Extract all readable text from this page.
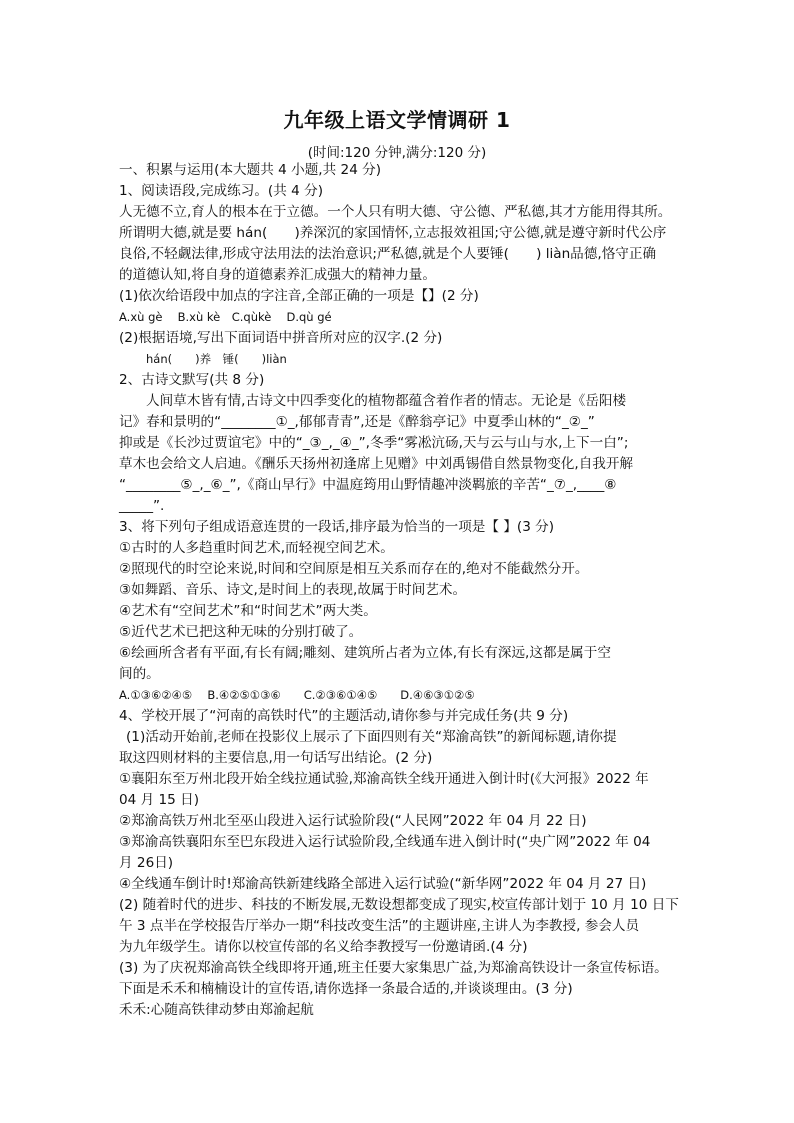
九年级上语文学情调研 1
(时间:120 分钟,满分:120 分)
一、积累与运用(本大题共 4 小题,共 24 分)
1、阅读语段,完成练习。(共 4 分)
人无德不立,育人的根本在于立德。一个人只有明大德、守公德、严私德,其才方能用得其所。
所谓明大德,就是要 hán(　　)养深沉的家国情怀,立志报效祖国;守公德,就是遵守新时代公序
良俗,不轻觑法律,形成守法用法的法治意识;严私德,就是个人要锤(　　) liàn品德,恪守正确
的道德认知,将自身的道德素养汇成强大的精神力量。
(1)依次给语段中加点的字注音,全部正确的一项是【】(2 分)
A.xù gè　 B.xù kè　C.qùkè　 D.qù gé
(2)根据语境,写出下面词语中拼音所对应的汉字.(2 分)
hán(　　)养　锤(　　)liàn
2、古诗文默写(共 8 分)
人间草木皆有情,古诗文中四季变化的植物都蕴含着作者的情志。无论是《岳阳楼
记》春和景明的“________①_,郁郁青青”,还是《醉翁亭记》中夏季山林的“_②_”
抑或是《长沙过贾谊宅》中的“_③_,_④_”,冬季“雾凇沆砀,天与云与山与水,上下一白”;
草木也会给文人启迪。《酬乐天扬州初逢席上见赠》中刘禹锡借自然景物变化,自我开解
“________⑤_,_⑥_”,《商山早行》中温庭筠用山野情趣冲淡羁旅的辛苦“_⑦_,____⑧
_____”.
3、将下列句子组成语意连贯的一段话,排序最为恰当的一项是【 】(3 分)
①古时的人多趋重时间艺术,而轻视空间艺术。
②照现代的时空论来说,时间和空间原是相互关系而存在的,绝对不能截然分开。
③如舞蹈、音乐、诗文,是时间上的表现,故属于时间艺术。
④艺术有“空间艺术”和“时间艺术”两大类。
⑤近代艺术已把这种无味的分别打破了。
⑥绘画所含者有平面,有长有阔;雕刻、建筑所占者为立体,有长有深远,这都是属于空
间的。
A.①③⑥②④⑤　 B.④②⑤①③⑥　　C.②③⑥①④⑤　　D.④⑥③①②⑤
4、学校开展了“河南的高铁时代”的主题活动,请你参与并完成任务(共 9 分)
(1)活动开始前,老师在投影仪上展示了下面四则有关“郑渝高铁”的新闻标题,请你提
取这四则材料的主要信息,用一句话写出结论。(2 分)
①襄阳东至万州北段开始全线拉通试验,郑渝高铁全线开通进入倒计时(《大河报》2022 年
04 月 15 日)
②郑渝高铁万州北至巫山段进入运行试验阶段(“人民网”2022 年 04 月 22 日)
③郑渝高铁襄阳东至巴东段进入运行试验阶段,全线通车进入倒计时(“央广网”2022 年 04
月 26日)
④全线通车倒计时!郑渝高铁新建线路全部进入运行试验(“新华网”2022 年 04 月 27 日)
(2) 随着时代的进步、科技的不断发展,无数设想都变成了现实,校宣传部计划于 10 月 10 日下
午 3 点半在学校报告厅举办一期“科技改变生活”的主题讲座,主讲人为李教授, 参会人员
为九年级学生。请你以校宣传部的名义给李教授写一份邀请函.(4 分)
(3) 为了庆祝郑渝高铁全线即将开通,班主任要大家集思广益,为郑渝高铁设计一条宣传标语。
下面是禾禾和楠楠设计的宣传语,请你选择一条最合适的,并谈谈理由。(3 分)
禾禾:心随高铁律动梦由郑渝起航
